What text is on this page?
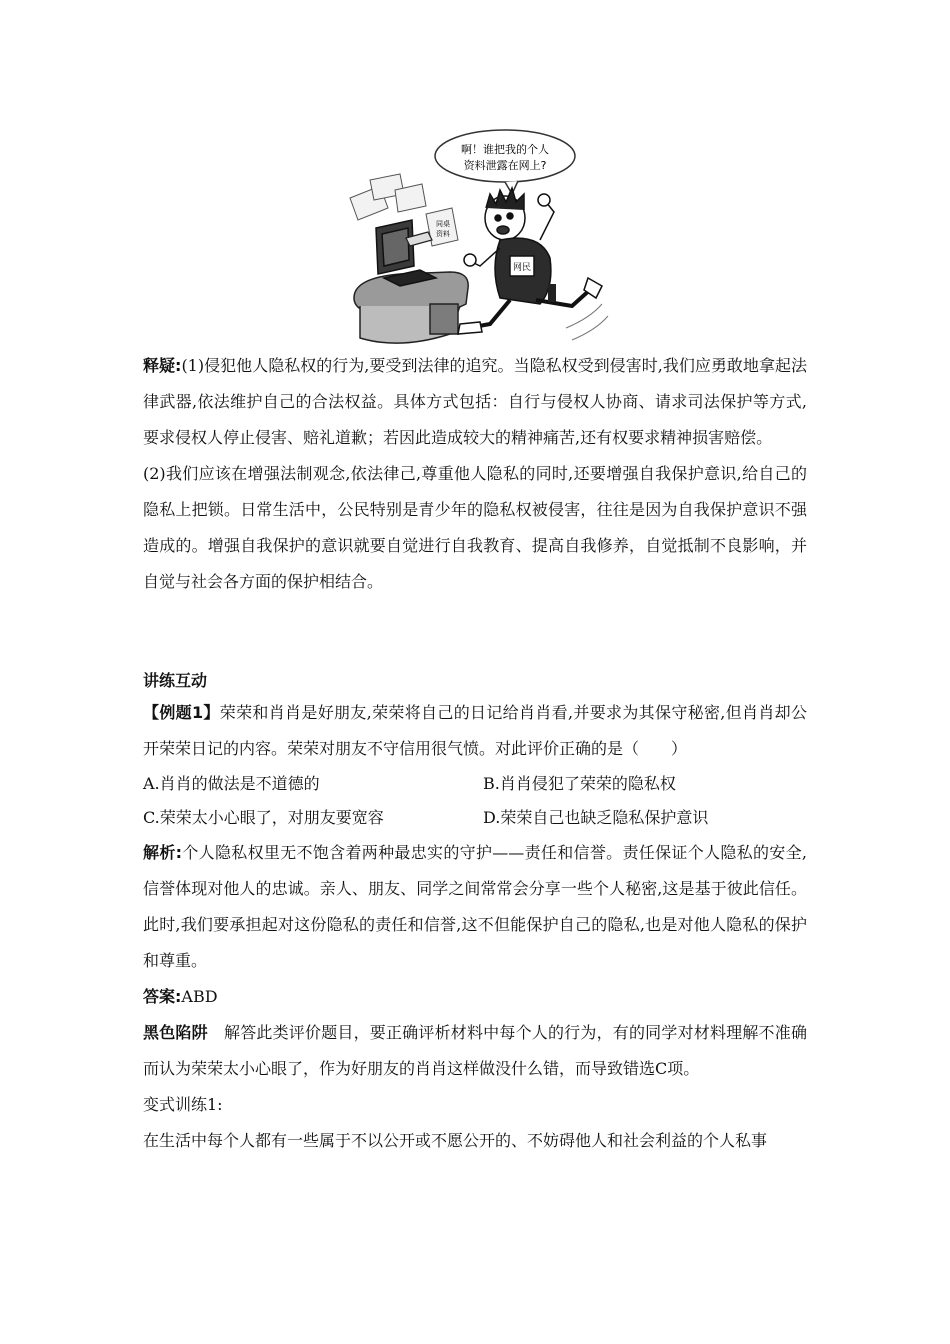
啊！谁把我的个人
资料泄露在网上?
同桌
资料
网民

释疑:(1)侵犯他人隐私权的行为,要受到法律的追究。当隐私权受到侵害时,我们应勇敢地拿起法律武器,依法维护自己的合法权益。具体方式包括：自行与侵权人协商、请求司法保护等方式,要求侵权人停止侵害、赔礼道歉；若因此造成较大的精神痛苦,还有权要求精神损害赔偿。

(2)我们应该在增强法制观念,依法律己,尊重他人隐私的同时,还要增强自我保护意识,给自己的隐私上把锁。日常生活中，公民特别是青少年的隐私权被侵害，往往是因为自我保护意识不强造成的。增强自我保护的意识就要自觉进行自我教育、提高自我修养，自觉抵制不良影响，并自觉与社会各方面的保护相结合。

讲练互动

【例题1】荣荣和肖肖是好朋友,荣荣将自己的日记给肖肖看,并要求为其保守秘密,但肖肖却公开荣荣日记的内容。荣荣对朋友不守信用很气愤。对此评价正确的是（　　）

A.肖肖的做法是不道德的	B.肖肖侵犯了荣荣的隐私权
C.荣荣太小心眼了，对朋友要宽容	D.荣荣自己也缺乏隐私保护意识

解析:个人隐私权里无不饱含着两种最忠实的守护——责任和信誉。责任保证个人隐私的安全,信誉体现对他人的忠诚。亲人、朋友、同学之间常常会分享一些个人秘密,这是基于彼此信任。此时,我们要承担起对这份隐私的责任和信誉,这不但能保护自己的隐私,也是对他人隐私的保护和尊重。

答案:ABD

黑色陷阱　 解答此类评价题目，要正确评析材料中每个人的行为，有的同学对材料理解不准确而认为荣荣太小心眼了，作为好朋友的肖肖这样做没什么错，而导致错选C项。

变式训练1:

在生活中每个人都有一些属于不以公开或不愿公开的、不妨碍他人和社会利益的个人私事
